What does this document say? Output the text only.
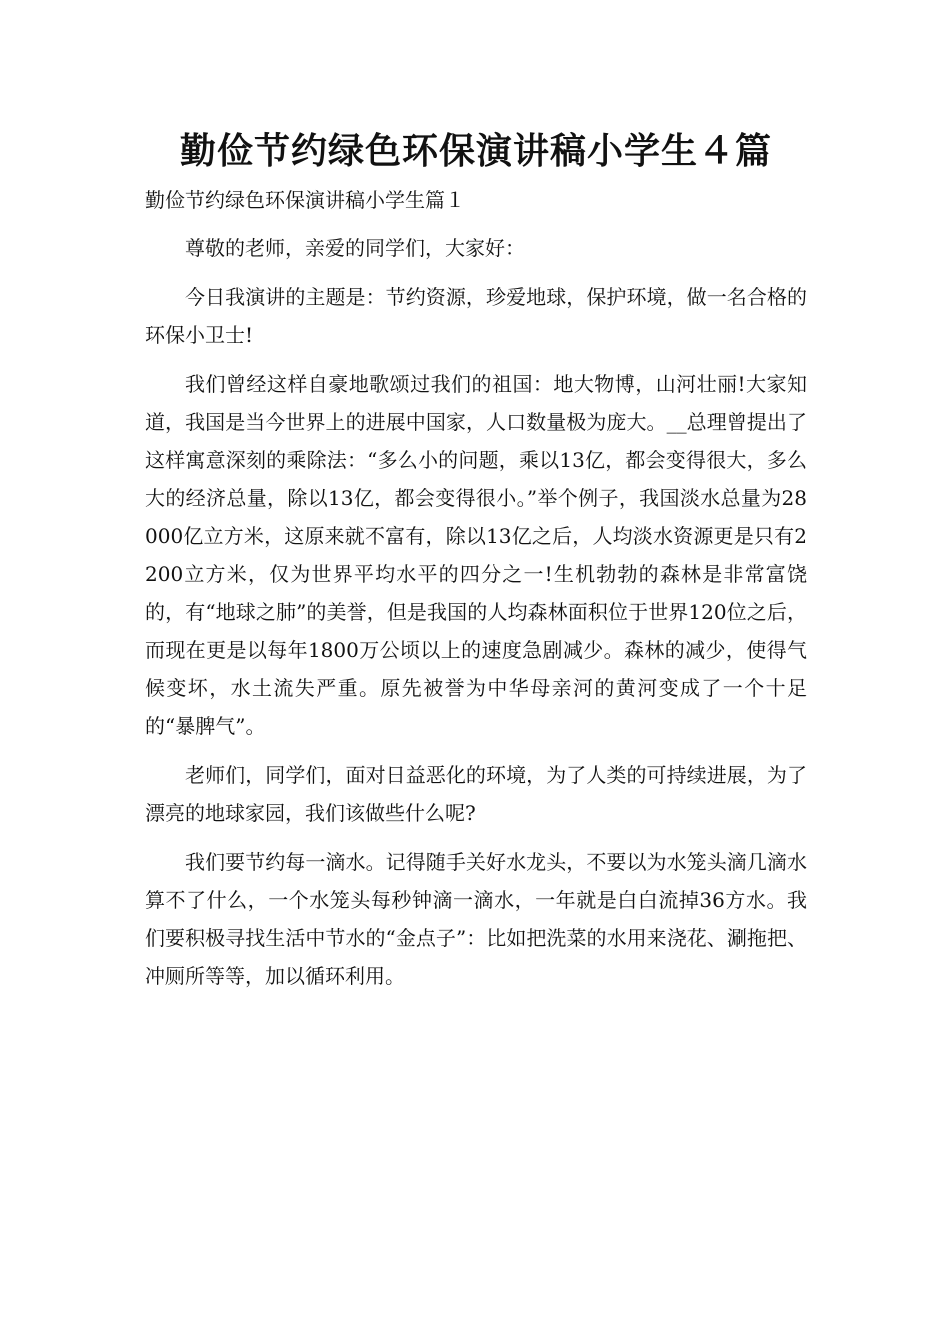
勤俭节约绿色环保演讲稿小学生４篇
勤俭节约绿色环保演讲稿小学生篇１

尊敬的老师，亲爱的同学们，大家好：

今日我演讲的主题是：节约资源，珍爱地球，保护环境，做一名合格的环保小卫士!

我们曾经这样自豪地歌颂过我们的祖国：地大物博，山河壮丽!大家知道，我国是当今世界上的进展中国家，人口数量极为庞大。__总理曾提出了这样寓意深刻的乘除法：“多么小的问题，乘以13亿，都会变得很大，多么大的经济总量，除以13亿，都会变得很小。”举个例子，我国淡水总量为28000亿立方米，这原来就不富有，除以13亿之后，人均淡水资源更是只有2200立方米，仅为世界平均水平的四分之一!生机勃勃的森林是非常富饶的，有“地球之肺”的美誉，但是我国的人均森林面积位于世界120位之后，而现在更是以每年1800万公顷以上的速度急剧减少。森林的减少，使得气候变坏，水土流失严重。原先被誉为中华母亲河的黄河变成了一个十足的“暴脾气”。

老师们，同学们，面对日益恶化的环境，为了人类的可持续进展，为了漂亮的地球家园，我们该做些什么呢?

我们要节约每一滴水。记得随手关好水龙头，不要以为水笼头滴几滴水算不了什么，一个水笼头每秒钟滴一滴水，一年就是白白流掉36方水。我们要积极寻找生活中节水的“金点子”：比如把洗菜的水用来浇花、涮拖把、冲厕所等等，加以循环利用。
